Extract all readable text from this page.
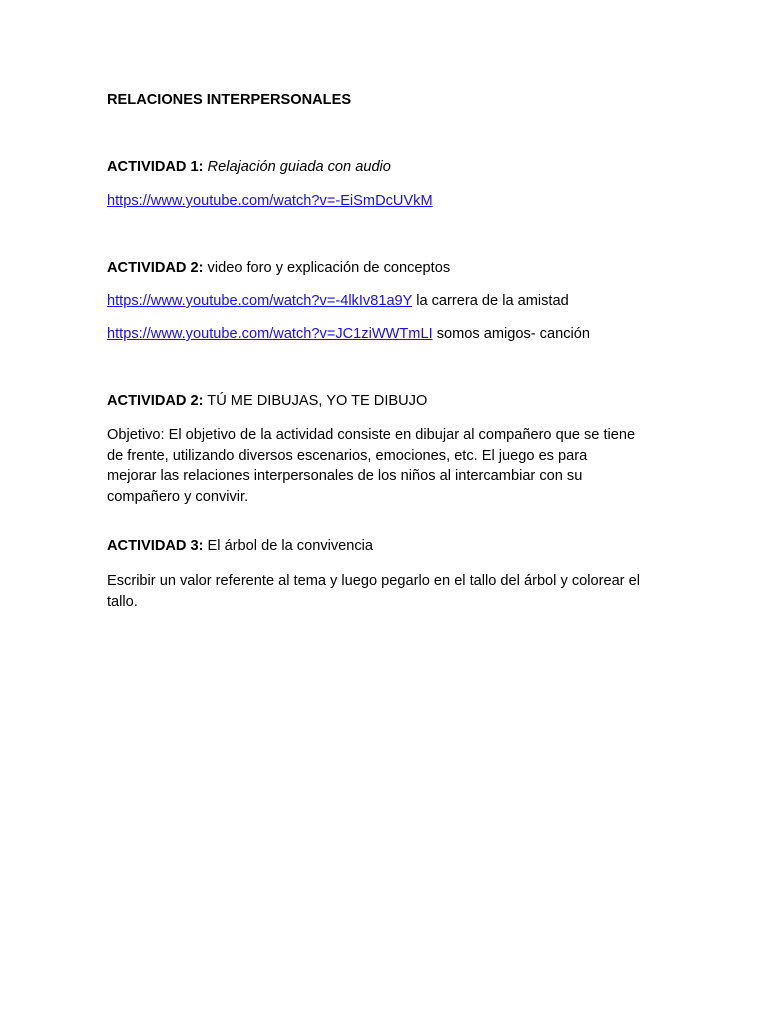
RELACIONES INTERPERSONALES
ACTIVIDAD 1: Relajación guiada con audio
https://www.youtube.com/watch?v=-EiSmDcUVkM
ACTIVIDAD 2: video foro y explicación de conceptos
https://www.youtube.com/watch?v=-4lkIv81a9Y la carrera de la amistad
https://www.youtube.com/watch?v=JC1ziWWTmLI somos amigos- canción
ACTIVIDAD 2: TÚ ME DIBUJAS, YO TE DIBUJO
Objetivo: El objetivo de la actividad consiste en dibujar al compañero que se tiene
de frente, utilizando diversos escenarios, emociones, etc. El juego es para
mejorar las relaciones interpersonales de los niños al intercambiar con su
compañero y convivir.
ACTIVIDAD 3: El árbol de la convivencia
Escribir un valor referente al tema y luego pegarlo en el tallo del árbol y colorear el
tallo.
